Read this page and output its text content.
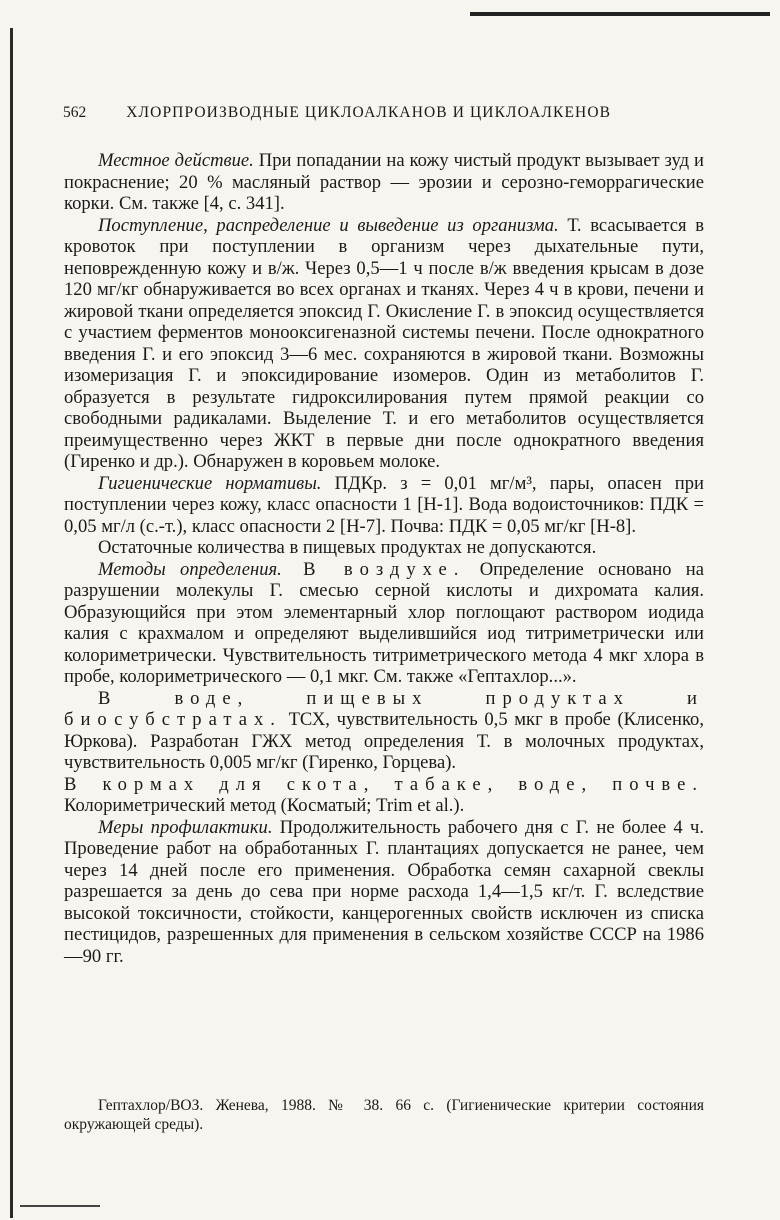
562	ХЛОРПРОИЗВОДНЫЕ ЦИКЛОАЛКАНОВ И ЦИКЛОАЛКЕНОВ

Местное действие. При попадании на кожу чистый продукт вызывает зуд и покраснение; 20 % масляный раствор — эрозии и серозно-геморрагические корки. См. также [4, с. 341].

Поступление, распределение и выведение из организма. Т. всасывается в кровоток при поступлении в организм через дыхательные пути, неповрежденную кожу и в/ж. Через 0,5—1 ч после в/ж введения крысам в дозе 120 мг/кг обнаруживается во всех органах и тканях. Через 4 ч в крови, печени и жировой ткани определяется эпоксид Г. Окисление Г. в эпоксид осуществляется с участием ферментов монооксигеназной системы печени. После однократного введения Г. и его эпоксид 3—6 мес. сохраняются в жировой ткани. Возможны изомеризация Г. и эпоксидирование изомеров. Один из метаболитов Г. образуется в результате гидроксилирования путем прямой реакции со свободными радикалами. Выделение Т. и его метаболитов осуществляется преимущественно через ЖКТ в первые дни после однократного введения (Гиренко и др.). Обнаружен в коровьем молоке.

Гигиенические нормативы. ПДКр. з = 0,01 мг/м³, пары, опасен при поступлении через кожу, класс опасности 1 [Н-1]. Вода водоисточников: ПДК = 0,05 мг/л (с.-т.), класс опасности 2 [Н-7]. Почва: ПДК = 0,05 мг/кг [Н-8].

Остаточные количества в пищевых продуктах не допускаются.

Методы определения. В воздухе. Определение основано на разрушении молекулы Г. смесью серной кислоты и дихромата калия. Образующийся при этом элементарный хлор поглощают раствором иодида калия с крахмалом и определяют выделившийся иод титриметрически или колориметрически. Чувствительность титриметрического метода 4 мкг хлора в пробе, колориметрического — 0,1 мкг. См. также «Гептахлор...».

В воде, пищевых продуктах и биосубстратах. ТСХ, чувствительность 0,5 мкг в пробе (Клисенко, Юркова). Разработан ГЖХ метод определения Т. в молочных продуктах, чувствительность 0,005 мг/кг (Гиренко, Горцева).

В кормах для скота, табаке, воде, почве. Колориметрический метод (Косматый; Trim et al.).

Меры профилактики. Продолжительность рабочего дня с Г. не более 4 ч. Проведение работ на обработанных Г. плантациях допускается не ранее, чем через 14 дней после его применения. Обработка семян сахарной свеклы разрешается за день до сева при норме расхода 1,4—1,5 кг/т. Г. вследствие высокой токсичности, стойкости, канцерогенных свойств исключен из списка пестицидов, разрешенных для применения в сельском хозяйстве СССР на 1986—90 гг.

Гептахлор/ВОЗ. Женева, 1988. № 38. 66 с. (Гигиенические критерии состояния окружающей среды).
